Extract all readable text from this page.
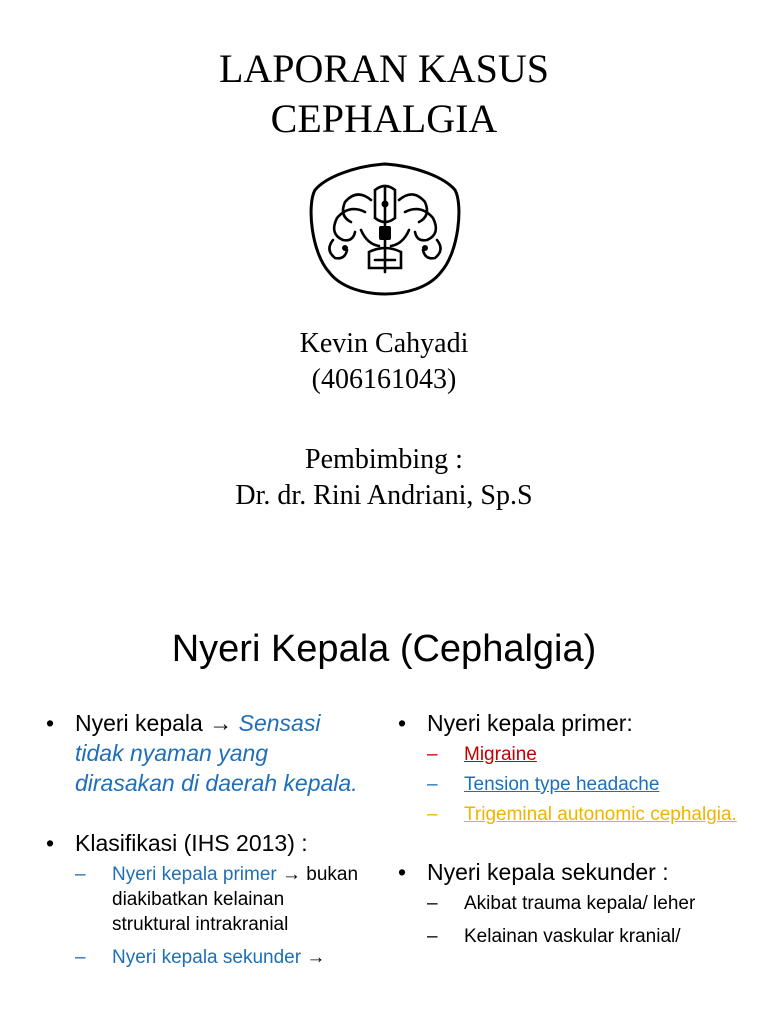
LAPORAN KASUS
CEPHALGIA
Kevin Cahyadi
(406161043)
Pembimbing :
Dr. dr. Rini Andriani, Sp.S
Nyeri Kepala (Cephalgia)
• Nyeri kepala → Sensasi tidak nyaman yang dirasakan di daerah kepala.
• Klasifikasi (IHS 2013) :
– Nyeri kepala primer → bukan diakibatkan kelainan struktural intrakranial
– Nyeri kepala sekunder →
• Nyeri kepala primer:
– Migraine
– Tension type headache
– Trigeminal autonomic cephalgia.
• Nyeri kepala sekunder :
– Akibat trauma kepala/ leher
– Kelainan vaskular kranial/
